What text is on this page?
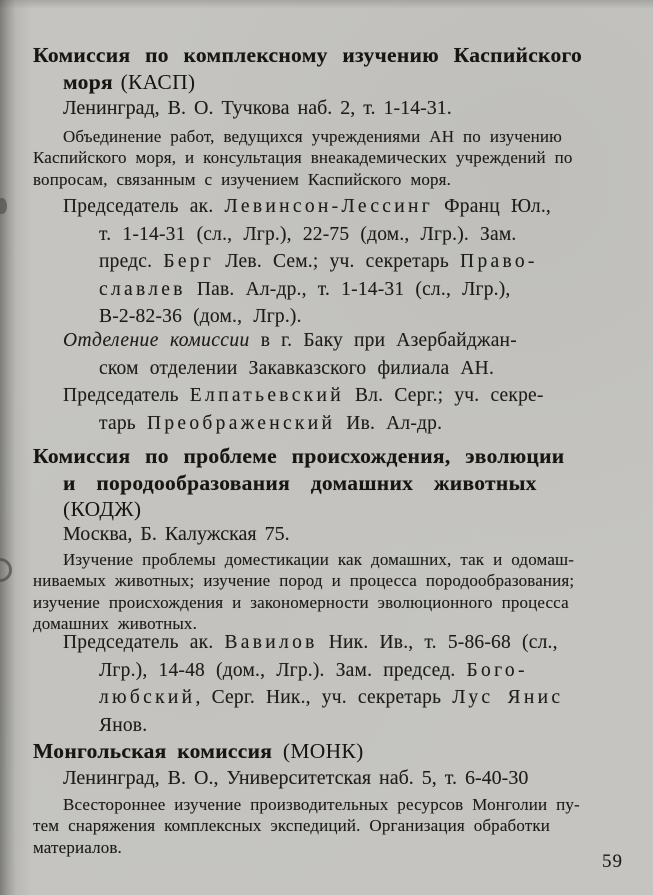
Комиссия по комплексному изучению Каспийского
моря (КАСП)
Ленинград, В. О. Тучкова наб. 2, т. 1-14-31.
Объединение работ, ведущихся учреждениями АН по изучению
Каспийского моря, и консультация внеакадемических учреждений по
вопросам, связанным с изучением Каспийского моря.
Председатель ак. Левинсон-Лессинг Франц Юл.,
т. 1-14-31 (сл., Лгр.), 22-75 (дом., Лгр.). Зам.
предс. Берг Лев. Сем.; уч. секретарь Право-
славлев Пав. Ал-др., т. 1-14-31 (сл., Лгр.),
В-2-82-36 (дом., Лгр.).
Отделение комиссии в г. Баку при Азербайджан-
ском отделении Закавказского филиала АН.
Председатель Елпатьевский Вл. Серг.; уч. секре-
тарь Преображенский Ив. Ал-др.
Комиссия по проблеме происхождения, эволюции
и породообразования домашних животных
(КОДЖ)
Москва, Б. Калужская 75.
Изучение проблемы доместикации как домашних, так и одомаш-
ниваемых животных; изучение пород и процесса породообразования;
изучение происхождения и закономерности эволюционного процесса
домашних животных.
Председатель ак. Вавилов Ник. Ив., т. 5-86-68 (сл.,
Лгр.), 14-48 (дом., Лгр.). Зам. председ. Бого-
любский, Серг. Ник., уч. секретарь Лус Янис
Янов.
Монгольская комиссия (МОНК)
Ленинград, В. О., Университетская наб. 5, т. 6-40-30
Всестороннее изучение производительных ресурсов Монголии пу-
тем снаряжения комплексных экспедиций. Организация обработки
материалов.
59
